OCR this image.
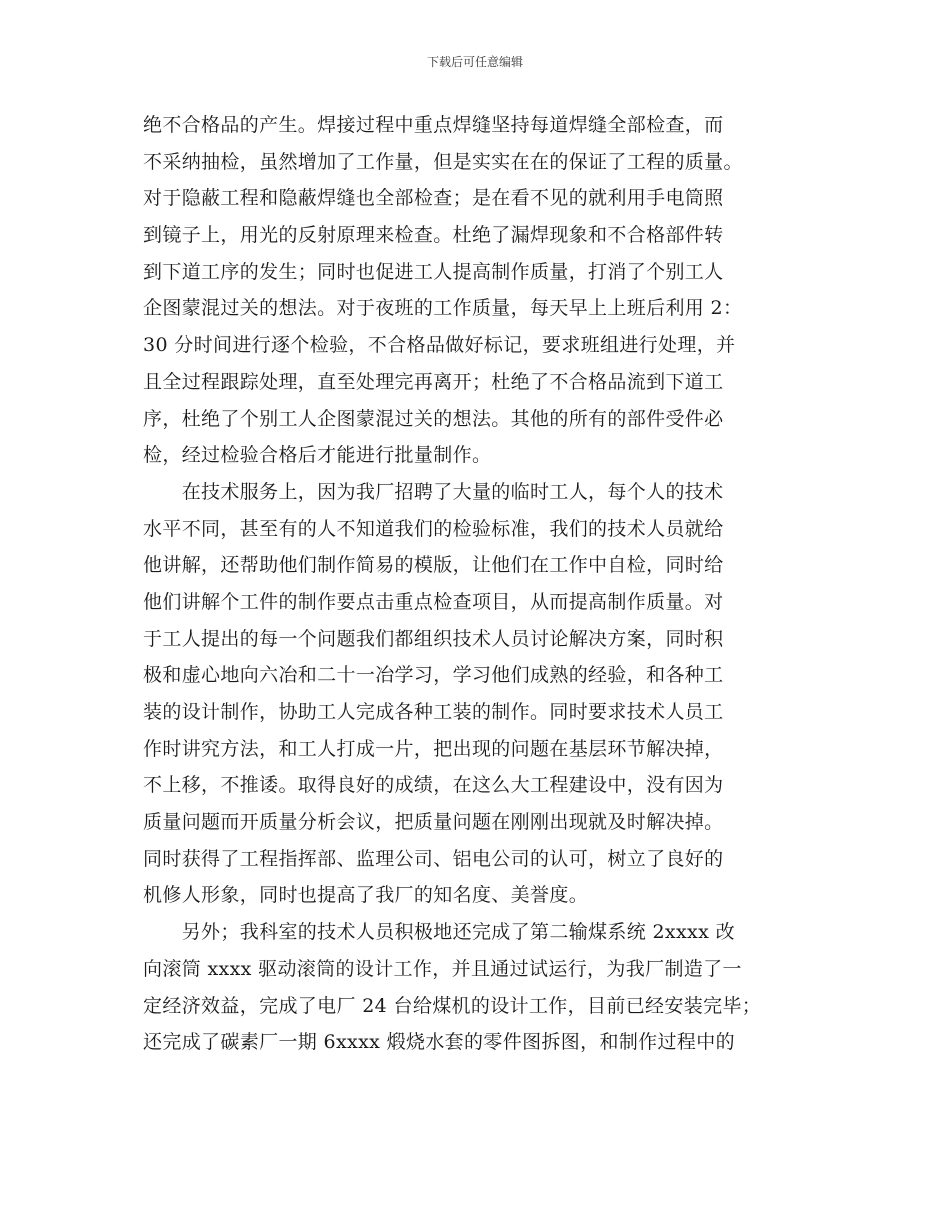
下载后可任意编辑
绝不合格品的产生。焊接过程中重点焊缝坚持每道焊缝全部检查，而
不采纳抽检，虽然增加了工作量，但是实实在在的保证了工程的质量。
对于隐蔽工程和隐蔽焊缝也全部检查；是在看不见的就利用手电筒照
到镜子上，用光的反射原理来检查。杜绝了漏焊现象和不合格部件转
到下道工序的发生；同时也促进工人提高制作质量，打消了个别工人
企图蒙混过关的想法。对于夜班的工作质量，每天早上上班后利用 2：
30 分时间进行逐个检验，不合格品做好标记，要求班组进行处理，并
且全过程跟踪处理，直至处理完再离开；杜绝了不合格品流到下道工
序，杜绝了个别工人企图蒙混过关的想法。其他的所有的部件受件必
检，经过检验合格后才能进行批量制作。
　　在技术服务上，因为我厂招聘了大量的临时工人，每个人的技术
水平不同，甚至有的人不知道我们的检验标准，我们的技术人员就给
他讲解，还帮助他们制作简易的模版，让他们在工作中自检，同时给
他们讲解个工件的制作要点击重点检查项目，从而提高制作质量。对
于工人提出的每一个问题我们都组织技术人员讨论解决方案，同时积
极和虚心地向六冶和二十一冶学习，学习他们成熟的经验，和各种工
装的设计制作，协助工人完成各种工装的制作。同时要求技术人员工
作时讲究方法，和工人打成一片，把出现的问题在基层环节解决掉，
不上移，不推诿。取得良好的成绩，在这么大工程建设中，没有因为
质量问题而开质量分析会议，把质量问题在刚刚出现就及时解决掉。
同时获得了工程指挥部、监理公司、铝电公司的认可，树立了良好的
机修人形象，同时也提高了我厂的知名度、美誉度。
　　另外；我科室的技术人员积极地还完成了第二输煤系统 2xxxx 改
向滚筒 xxxx 驱动滚筒的设计工作，并且通过试运行，为我厂制造了一
定经济效益，完成了电厂 24 台给煤机的设计工作，目前已经安装完毕；
还完成了碳素厂一期 6xxxx 煅烧水套的零件图拆图，和制作过程中的
